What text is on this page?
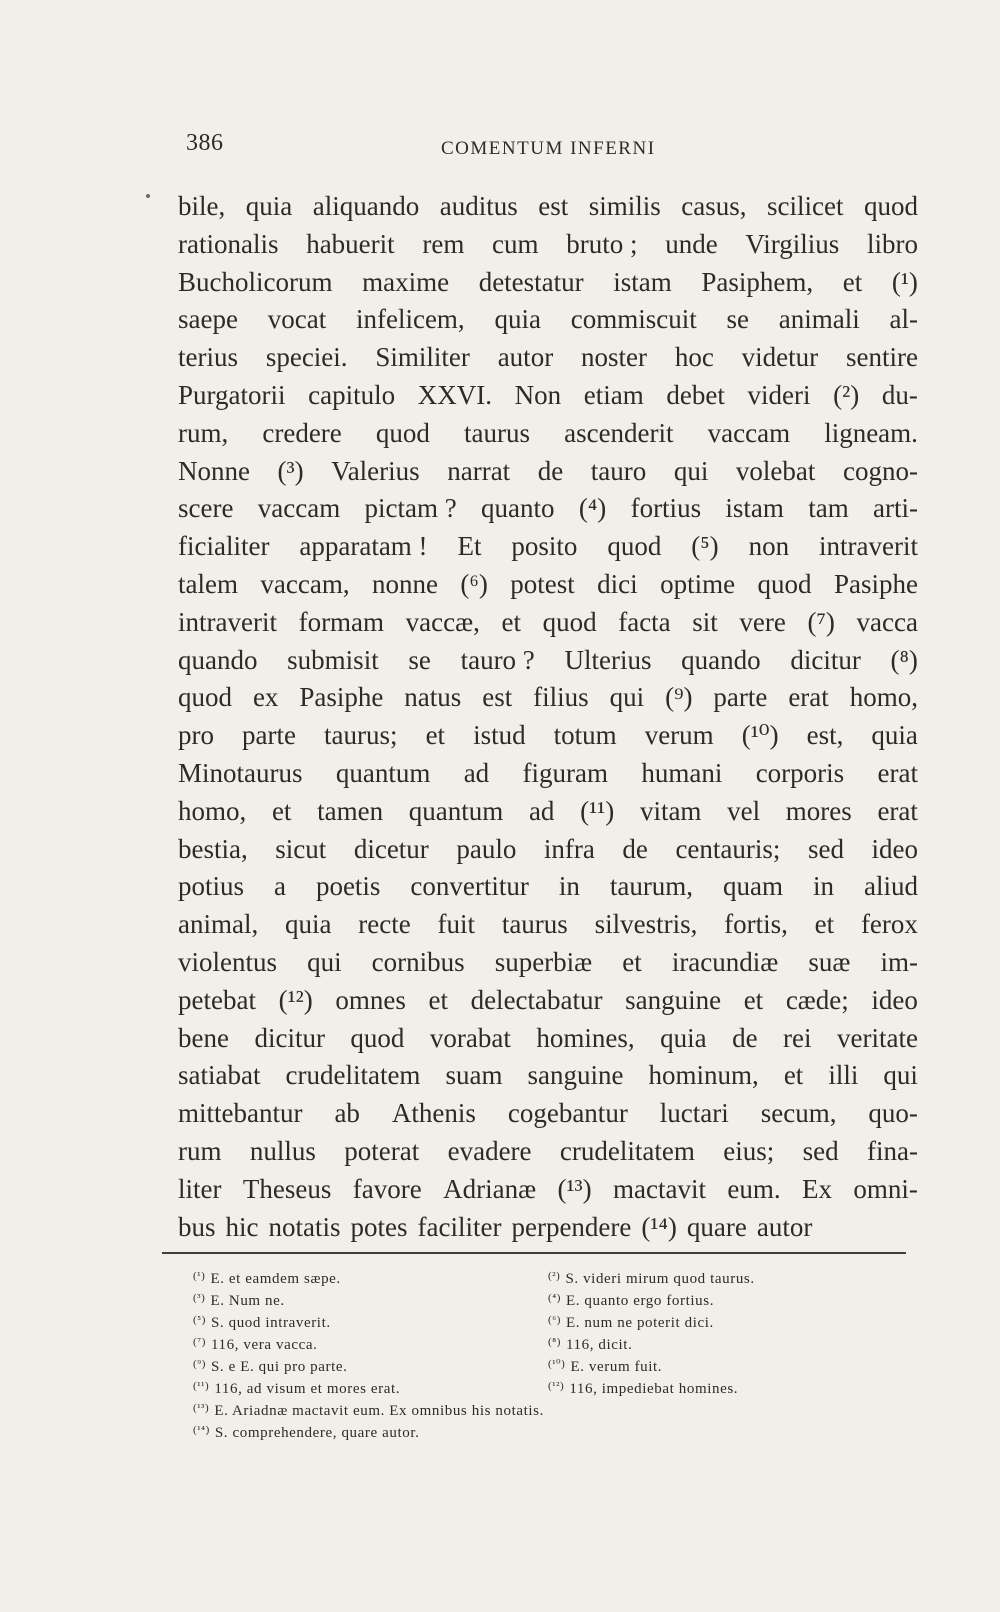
386	COMENTUM INFERNI
bile, quia aliquando auditus est similis casus, scilicet quod
rationalis habuerit rem cum bruto ; unde Virgilius libro
Bucholicorum maxime detestatur istam Pasiphem, et (¹)
saepe vocat infelicem, quia commiscuit se animali al-
terius speciei. Similiter autor noster hoc videtur sentire
Purgatorii capitulo XXVI. Non etiam debet videri (²) du-
rum, credere quod taurus ascenderit vaccam ligneam.
Nonne (³) Valerius narrat de tauro qui volebat cogno-
scere vaccam pictam ? quanto (⁴) fortius istam tam arti-
ficialiter apparatam ! Et posito quod (⁵) non intraverit
talem vaccam, nonne (⁶) potest dici optime quod Pasiphe
intraverit formam vaccæ, et quod facta sit vere (⁷) vacca
quando submisit se tauro ? Ulterius quando dicitur (⁸)
quod ex Pasiphe natus est filius qui (⁹) parte erat homo,
pro parte taurus; et istud totum verum (¹⁰) est, quia
Minotaurus quantum ad figuram humani corporis erat
homo, et tamen quantum ad (¹¹) vitam vel mores erat
bestia, sicut dicetur paulo infra de centauris; sed ideo
potius a poetis convertitur in taurum, quam in aliud
animal, quia recte fuit taurus silvestris, fortis, et ferox
violentus qui cornibus superbiæ et iracundiæ suæ im-
petebat (¹²) omnes et delectabatur sanguine et cæde; ideo
bene dicitur quod vorabat homines, quia de rei veritate
satiabat crudelitatem suam sanguine hominum, et illi qui
mittebantur ab Athenis cogebantur luctari secum, quo-
rum nullus poterat evadere crudelitatem eius; sed fina-
liter Theseus favore Adrianæ (¹³) mactavit eum. Ex omni-
bus hic notatis potes faciliter perpendere (¹⁴) quare autor
$^{(^1)}$ E. et eamdem sæpe.	$^{(^2)}$ S. videri mirum quod taurus.
$^{(^3)}$ E. Num ne.	$^{(^4)}$ E. quanto ergo fortius.
$^{(^5)}$ S. quod intraverit.	$^{(^6)}$ E. num ne poterit dici.
$^{(^7)}$ 116, vera vacca.	$^{(^8)}$ 116, dicit.
$^{(^9)}$ S. e E. qui pro parte.	$^{(^{10})}$ E. verum fuit.
$^{(^{11})}$ 116, ad visum et mores erat.	$^{(^{12})}$ 116, impediebat homines.
$^{(^{13})}$ E. Ariadnæ mactavit eum. Ex omnibus his notatis.
$^{(^{14})}$ S. comprehendere, quare autor.
